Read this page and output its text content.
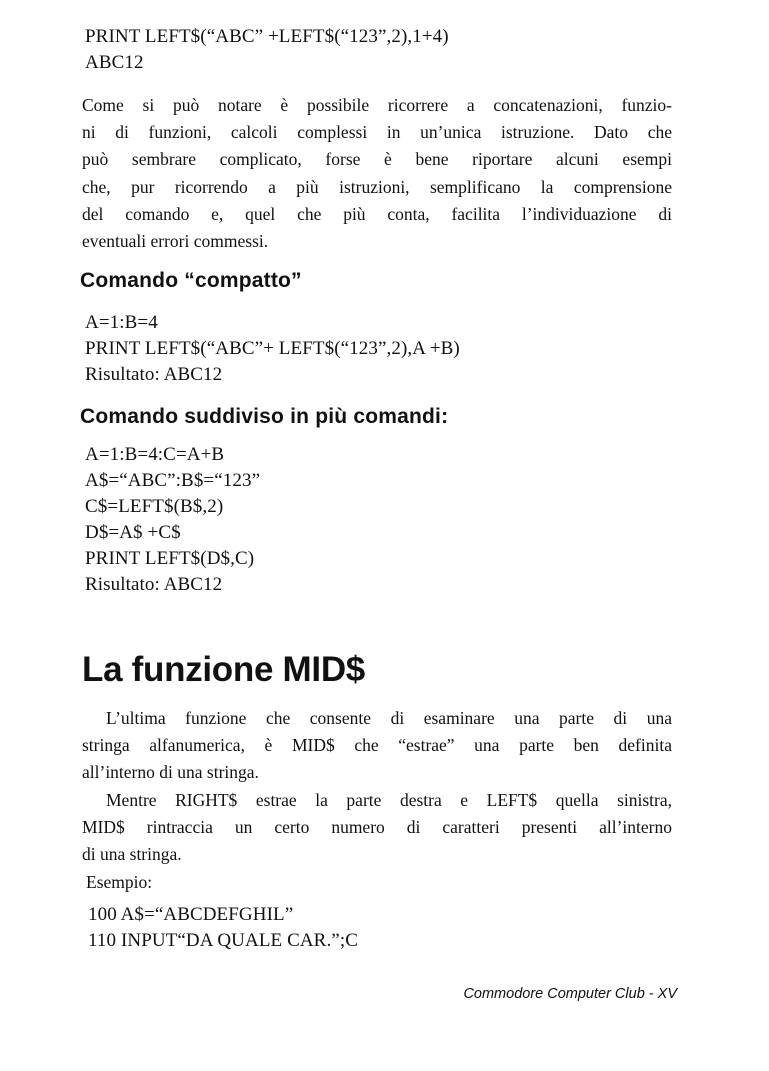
PRINT LEFT$(“ABC” +LEFT$(“123”,2),1+4)
ABC12
Come si può notare è possibile ricorrere a concatenazioni, funzio-
ni di funzioni, calcoli complessi in un’unica istruzione. Dato che
può sembrare complicato, forse è bene riportare alcuni esempi
che, pur ricorrendo a più istruzioni, semplificano la comprensione
del comando e, quel che più conta, facilita l’individuazione di
eventuali errori commessi.
Comando “compatto”
A=1:B=4
PRINT LEFT$(“ABC”+ LEFT$(“123”,2),A +B)
Risultato: ABC12
Comando suddiviso in più comandi:
A=1:B=4:C=A+B
A$=“ABC”:B$=“123”
C$=LEFT$(B$,2)
D$=A$ +C$
PRINT LEFT$(D$,C)
Risultato: ABC12
La funzione MID$
L’ultima funzione che consente di esaminare una parte di una
stringa alfanumerica, è MID$ che “estrae” una parte ben definita
all’interno di una stringa.
Mentre RIGHT$ estrae la parte destra e LEFT$ quella sinistra,
MID$ rintraccia un certo numero di caratteri presenti all’interno
di una stringa.
Esempio:
100 A$=“ABCDEFGHIL”
110 INPUT“DA QUALE CAR.”;C

Commodore Computer Club - XV
